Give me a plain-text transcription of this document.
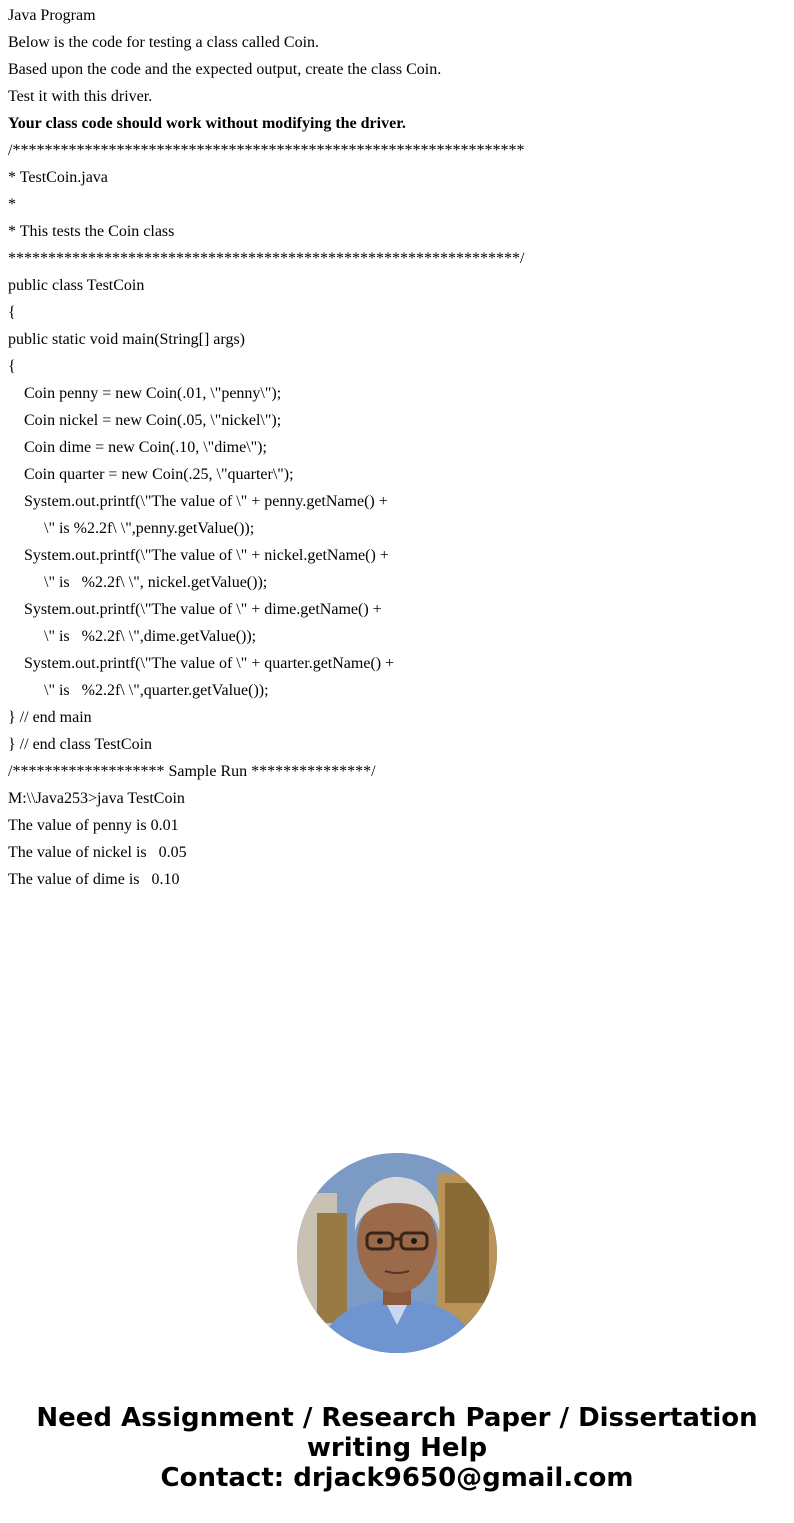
Java Program

Below is the code for testing a class called Coin.

Based upon the code and the expected output, create the class Coin.

Test it with this driver.

Your class code should work without modifying the driver.

/****************************************************************

* TestCoin.java

*

* This tests the Coin class

****************************************************************/

public class TestCoin

{

public static void main(String[] args)

{

Coin penny = new Coin(.01, \"penny\");

Coin nickel = new Coin(.05, \"nickel\");

Coin dime = new Coin(.10, \"dime\");

Coin quarter = new Coin(.25, \"quarter\");

System.out.printf(\"The value of \" + penny.getName() +

\" is %2.2f\ \",penny.getValue());

System.out.printf(\"The value of \" + nickel.getName() +

\" is   %2.2f\ \", nickel.getValue());

System.out.printf(\"The value of \" + dime.getName() +

\" is   %2.2f\ \",dime.getValue());

System.out.printf(\"The value of \" + quarter.getName() +

\" is   %2.2f\ \",quarter.getValue());

} // end main

} // end class TestCoin

/******************* Sample Run ***************/

M:\\Java253>java TestCoin

The value of penny is 0.01

The value of nickel is   0.05

The value of dime is   0.10

Need Assignment / Research Paper / Dissertation
writing Help
Contact: drjack9650@gmail.com
